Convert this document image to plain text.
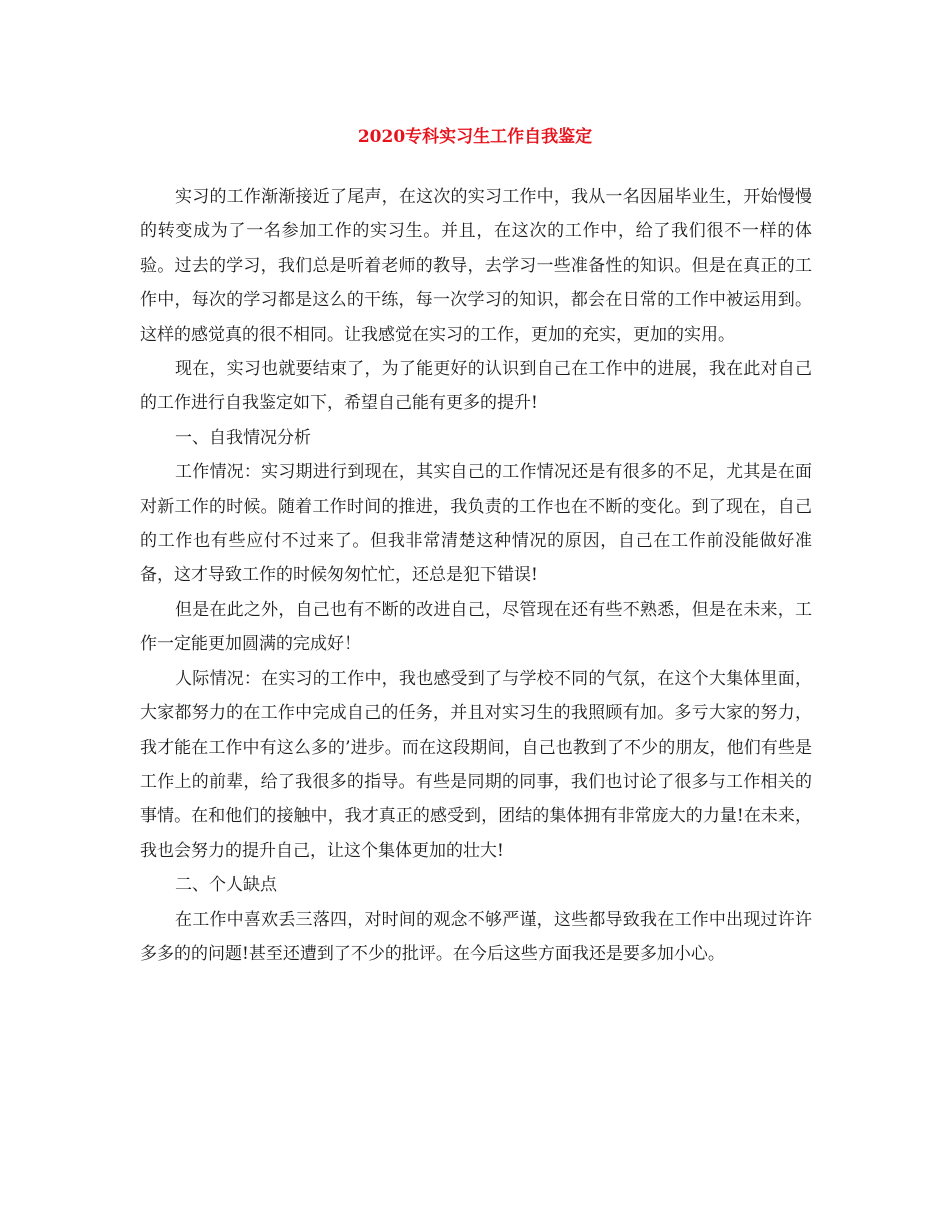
2020专科实习生工作自我鉴定

实习的工作渐渐接近了尾声，在这次的实习工作中，我从一名因届毕业生，开始慢慢的转变成为了一名参加工作的实习生。并且，在这次的工作中，给了我们很不一样的体验。过去的学习，我们总是听着老师的教导，去学习一些准备性的知识。但是在真正的工作中，每次的学习都是这么的干练，每一次学习的知识，都会在日常的工作中被运用到。这样的感觉真的很不相同。让我感觉在实习的工作，更加的充实，更加的实用。

现在，实习也就要结束了，为了能更好的认识到自己在工作中的进展，我在此对自己的工作进行自我鉴定如下，希望自己能有更多的提升!

一、自我情况分析

工作情况：实习期进行到现在，其实自己的工作情况还是有很多的不足，尤其是在面对新工作的时候。随着工作时间的推进，我负责的工作也在不断的变化。到了现在，自己的工作也有些应付不过来了。但我非常清楚这种情况的原因，自己在工作前没能做好准备，这才导致工作的时候匆匆忙忙，还总是犯下错误!

但是在此之外，自己也有不断的改进自己，尽管现在还有些不熟悉，但是在未来，工作一定能更加圆满的完成好！

人际情况：在实习的工作中，我也感受到了与学校不同的气氛，在这个大集体里面，大家都努力的在工作中完成自己的任务，并且对实习生的我照顾有加。多亏大家的努力，我才能在工作中有这么多的’进步。而在这段期间，自己也教到了不少的朋友，他们有些是工作上的前辈，给了我很多的指导。有些是同期的同事，我们也讨论了很多与工作相关的事情。在和他们的接触中，我才真正的感受到，团结的集体拥有非常庞大的力量!在未来，我也会努力的提升自己，让这个集体更加的壮大!

二、个人缺点

在工作中喜欢丢三落四，对时间的观念不够严谨，这些都导致我在工作中出现过许许多多的的问题!甚至还遭到了不少的批评。在今后这些方面我还是要多加小心。
